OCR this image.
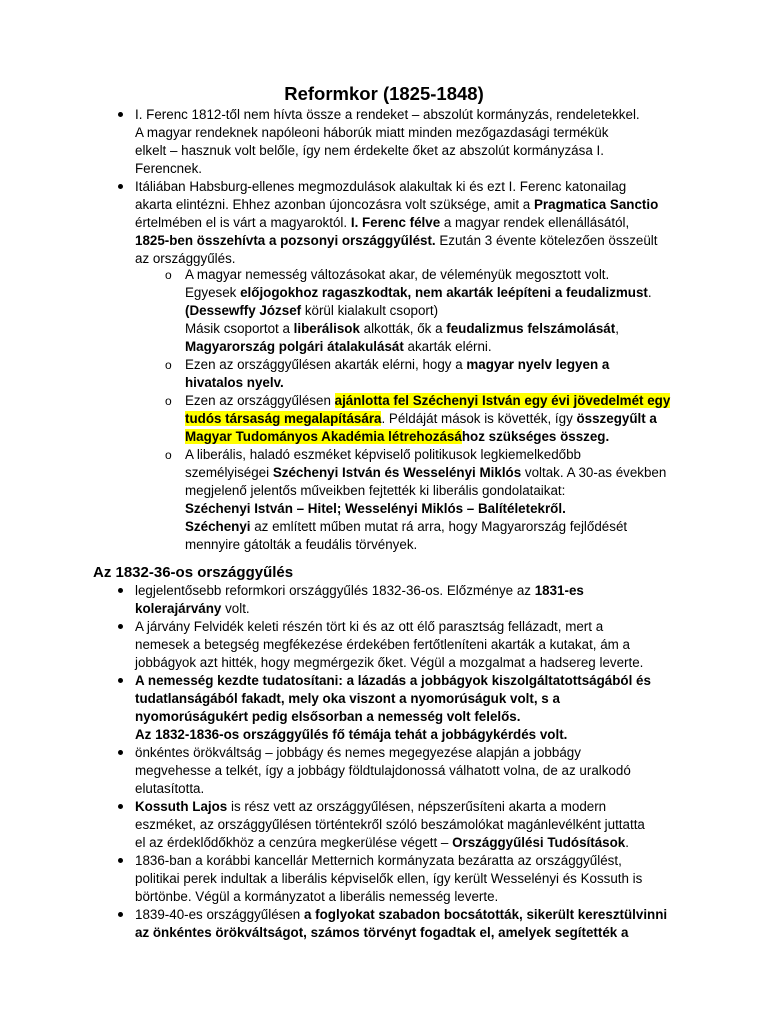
Reformkor (1825-1848)
I. Ferenc 1812-től nem hívta össze a rendeket – abszolút kormányzás, rendeletekkel.
A magyar rendeknek napóleoni háborúk miatt minden mezőgazdasági termékük
elkelt – hasznuk volt belőle, így nem érdekelte őket az abszolút kormányzása I.
Ferencnek.
Itáliában Habsburg-ellenes megmozdulások alakultak ki és ezt I. Ferenc katonailag
akarta elintézni. Ehhez azonban újoncozásra volt szüksége, amit a Pragmatica Sanctio
értelmében el is várt a magyaroktól. I. Ferenc félve a magyar rendek ellenállásától,
1825-ben összehívta a pozsonyi országgyűlést. Ezután 3 évente kötelezően összeült
az országgyűlés.
o A magyar nemesség változásokat akar, de véleményük megosztott volt.
Egyesek előjogokhoz ragaszkodtak, nem akarták leépíteni a feudalizmust.
(Dessewffy József körül kialakult csoport)
Másik csoportot a liberálisok alkották, ők a feudalizmus felszámolását,
Magyarország polgári átalakulását akarták elérni.
o Ezen az országgyűlésen akarták elérni, hogy a magyar nyelv legyen a
hivatalos nyelv.
o Ezen az országgyűlésen ajánlotta fel Széchenyi István egy évi jövedelmét egy
tudós társaság megalapítására. Példáját mások is követték, így összegyűlt a
Magyar Tudományos Akadémia létrehozásához szükséges összeg.
o A liberális, haladó eszméket képviselő politikusok legkiemelkedőbb
személyiségei Széchenyi István és Wesselényi Miklós voltak. A 30-as években
megjelenő jelentős műveikben fejtették ki liberális gondolataikat:
Széchenyi István – Hitel; Wesselényi Miklós – Balítéletekről.
Széchenyi az említett műben mutat rá arra, hogy Magyarország fejlődését
mennyire gátolták a feudális törvények.
Az 1832-36-os országgyűlés
legjelentősebb reformkori országgyűlés 1832-36-os. Előzménye az 1831-es
kolerajárvány volt.
A járvány Felvidék keleti részén tört ki és az ott élő parasztság fellázadt, mert a
nemesek a betegség megfékezése érdekében fertőtleníteni akarták a kutakat, ám a
jobbágyok azt hitték, hogy megmérgezik őket. Végül a mozgalmat a hadsereg leverte.
A nemesség kezdte tudatosítani: a lázadás a jobbágyok kiszolgáltatottságából és
tudatlanságából fakadt, mely oka viszont a nyomorúságuk volt, s a
nyomorúságukért pedig elsősorban a nemesség volt felelős.
Az 1832-1836-os országgyűlés fő témája tehát a jobbágykérdés volt.
önkéntes örökváltság – jobbágy és nemes megegyezése alapján a jobbágy
megvehesse a telkét, így a jobbágy földtulajdonossá válhatott volna, de az uralkodó
elutasította.
Kossuth Lajos is rész vett az országgyűlésen, népszerűsíteni akarta a modern
eszméket, az országgyűlésen történtekről szóló beszámolókat magánlevélként juttatta
el az érdeklődőkhöz a cenzúra megkerülése végett – Országgyűlési Tudósítások.
1836-ban a korábbi kancellár Metternich kormányzata bezáratta az országgyűlést,
politikai perek indultak a liberális képviselők ellen, így került Wesselényi és Kossuth is
börtönbe. Végül a kormányzatot a liberális nemesség leverte.
1839-40-es országgyűlésen a foglyokat szabadon bocsátották, sikerült keresztülvinni
az önkéntes örökváltságot, számos törvényt fogadtak el, amelyek segítették a
